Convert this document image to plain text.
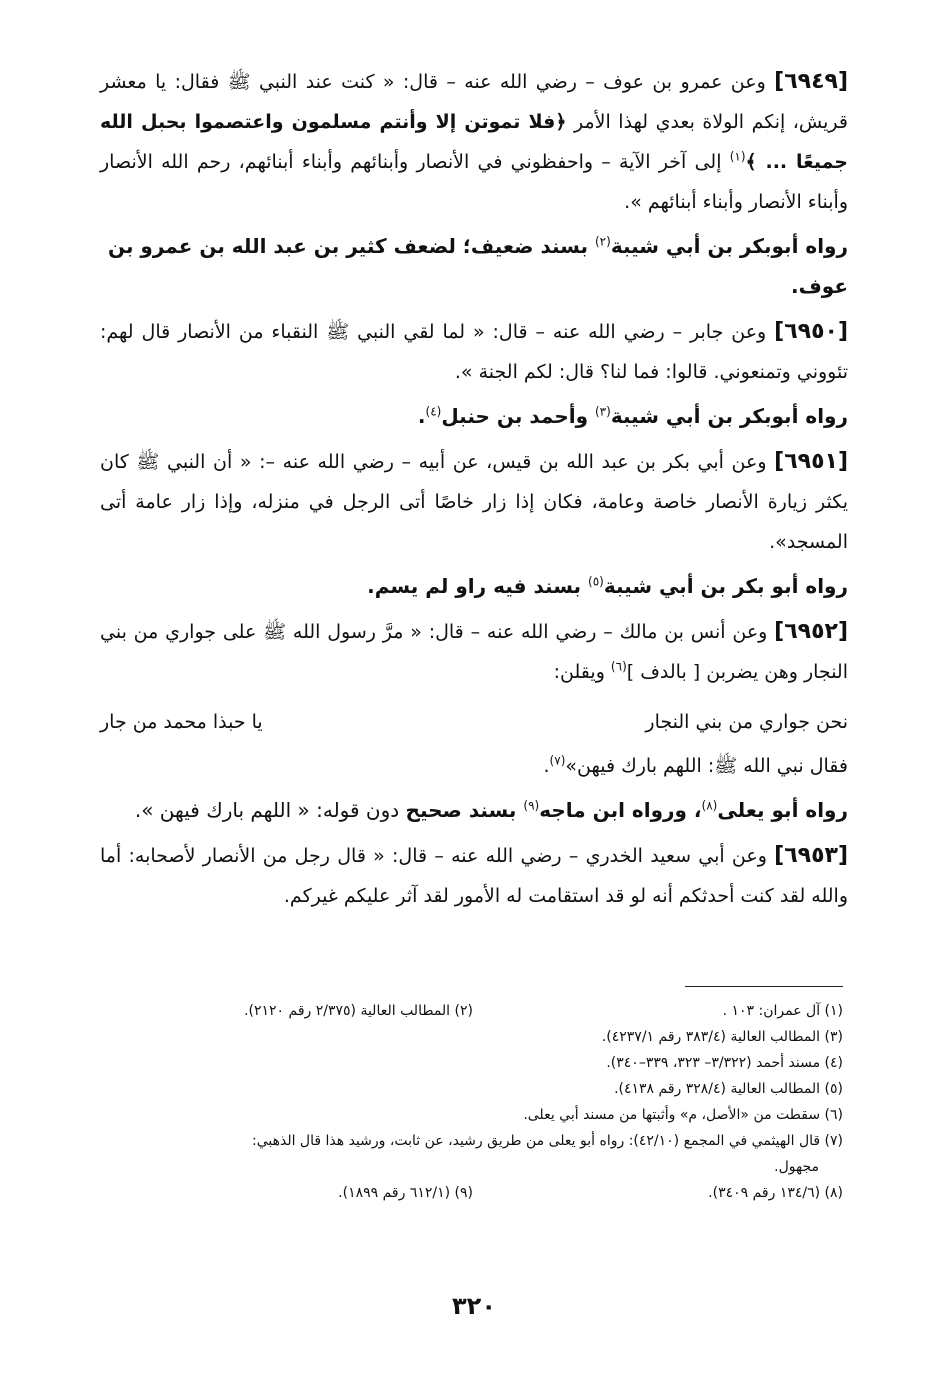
[٦٩٤٩] وعن عمرو بن عوف – رضي الله عنه – قال: « كنت عند النبي ﷺ فقال: يا معشر قريش، إنكم الولاة بعدي لهذا الأمر ﴿فلا تموتن إلا وأنتم مسلمون واعتصموا بحبل الله جميعًا ... ﴾$^{(١)}$ إلى آخر الآية – واحفظوني في الأنصار وأبنائهم وأبناء أبنائهم، رحم الله الأنصار وأبناء الأنصار وأبناء أبنائهم ».

رواه أبوبكر بن أبي شيبة$^{(٢)}$ بسند ضعيف؛ لضعف كثير بن عبد الله بن عمرو بن عوف.

[٦٩٥٠] وعن جابر – رضي الله عنه – قال: « لما لقي النبي ﷺ النقباء من الأنصار قال لهم: تئووني وتمنعوني. قالوا: فما لنا؟ قال: لكم الجنة ».

رواه أبوبكر بن أبي شيبة$^{(٣)}$ وأحمد بن حنبل$^{(٤)}$.

[٦٩٥١] وعن أبي بكر بن عبد الله بن قيس، عن أبيه – رضي الله عنه –: « أن النبي ﷺ كان يكثر زيارة الأنصار خاصة وعامة، فكان إذا زار خاصًا أتى الرجل في منزله، وإذا زار عامة أتى المسجد».

رواه أبو بكر بن أبي شيبة$^{(٥)}$ بسند فيه راو لم يسم.

[٦٩٥٢] وعن أنس بن مالك – رضي الله عنه – قال: « مرَّ رسول الله ﷺ على جواري من بني النجار وهن يضربن [ بالدف ]$^{(٦)}$ ويقلن:

نحن جواري من بني النجار
يا حبذا محمد من جار

فقال نبي الله ﷺ: اللهم بارك فيهن»$^{(٧)}$.

رواه أبو يعلى$^{(٨)}$، ورواه ابن ماجه$^{(٩)}$ بسند صحيح دون قوله: « اللهم بارك فيهن ».

[٦٩٥٣] وعن أبي سعيد الخدري – رضي الله عنه – قال: « قال رجل من الأنصار لأصحابه: أما والله لقد كنت أحدثكم أنه لو قد استقامت له الأمور لقد آثر عليكم غيركم.

(١) آل عمران: ١٠٣ .
(٢) المطالب العالية (٢/٣٧٥ رقم ٢١٢٠).
(٣) المطالب العالية (٣٨٣/٤ رقم ٤٢٣٧/١).
(٤) مسند أحمد (٣/٣٢٢– ٣٢٣، ٣٣٩–٣٤٠).
(٥) المطالب العالية (٣٢٨/٤ رقم ٤١٣٨).
(٦) سقطت من «الأصل، م» وأثبتها من مسند أبي يعلى.
(٧) قال الهيثمي في المجمع (٤٢/١٠): رواه أبو يعلى من طريق رشيد، عن ثابت، ورشيد هذا قال الذهبي:
مجهول.
(٨) (١٣٤/٦ رقم ٣٤٠٩).
(٩) (٦١٢/١ رقم ١٨٩٩).
٣٢٠
